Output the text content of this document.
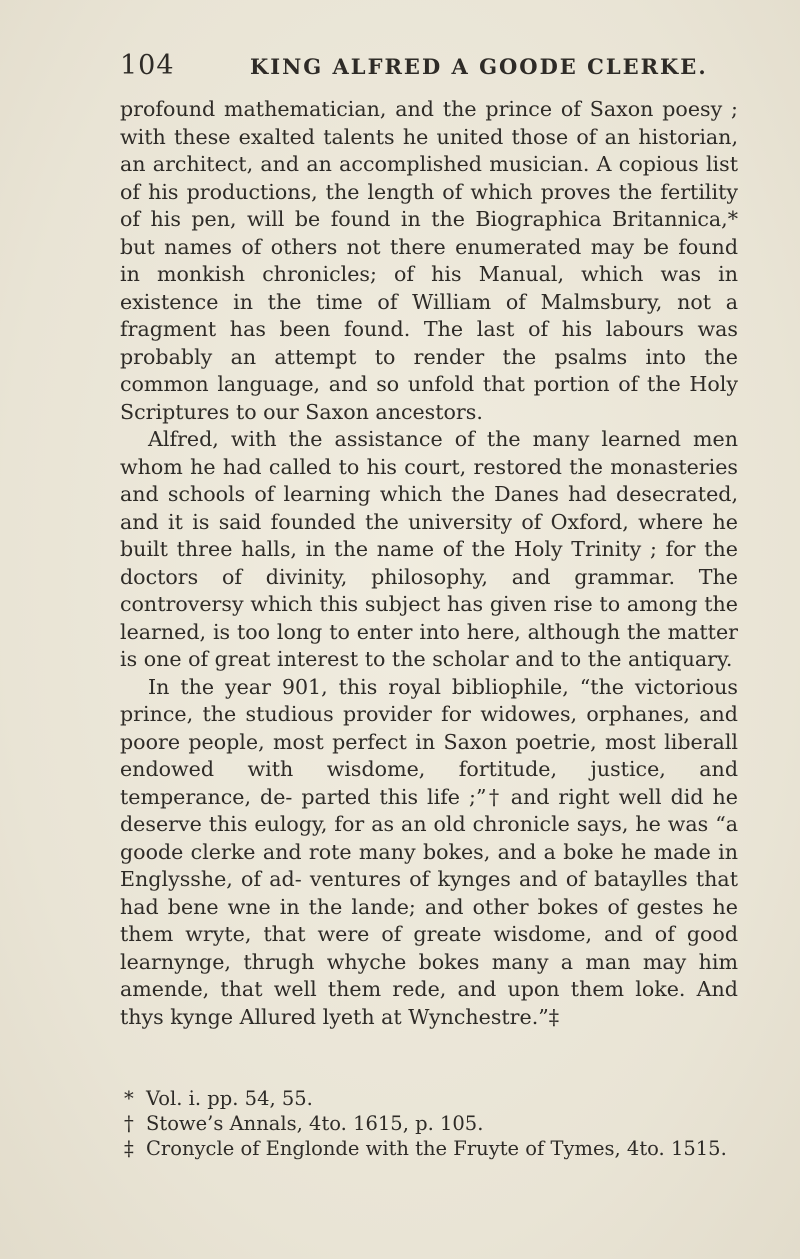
104	KING ALFRED A GOODE CLERKE.

profound mathematician, and the prince of Saxon poesy ; with these exalted talents he united those of an historian, an architect, and an accomplished musician. A copious list of his productions, the length of which proves the fertility of his pen, will be found in the Biographica Britannica,* but names of others not there enumerated may be found in monkish chronicles; of his Manual, which was in existence in the time of William of Malmsbury, not a fragment has been found. The last of his labours was probably an attempt to render the psalms into the common language, and so unfold that portion of the Holy Scriptures to our Saxon ancestors.

Alfred, with the assistance of the many learned men whom he had called to his court, restored the monasteries and schools of learning which the Danes had desecrated, and it is said founded the university of Oxford, where he built three halls, in the name of the Holy Trinity ; for the doctors of divinity, philosophy, and grammar. The controversy which this subject has given rise to among the learned, is too long to enter into here, although the matter is one of great interest to the scholar and to the antiquary.

In the year 901, this royal bibliophile, “the victorious prince, the studious provider for widowes, orphanes, and poore people, most perfect in Saxon poetrie, most liberall endowed with wisdome, fortitude, justice, and temperance, de- parted this life ;”† and right well did he deserve this eulogy, for as an old chronicle says, he was “a goode clerke and rote many bokes, and a boke he made in Englysshe, of ad- ventures of kynges and of bataylles that had bene wne in the lande; and other bokes of gestes he them wryte, that were of greate wisdome, and of good learnynge, thrugh whyche bokes many a man may him amende, that well them rede, and upon them loke. And thys kynge Allured lyeth at Wynchestre.”‡

* Vol. i. pp. 54, 55.
† Stowe’s Annals, 4to. 1615, p. 105.
‡ Cronycle of Englonde with the Fruyte of Tymes, 4to. 1515.
